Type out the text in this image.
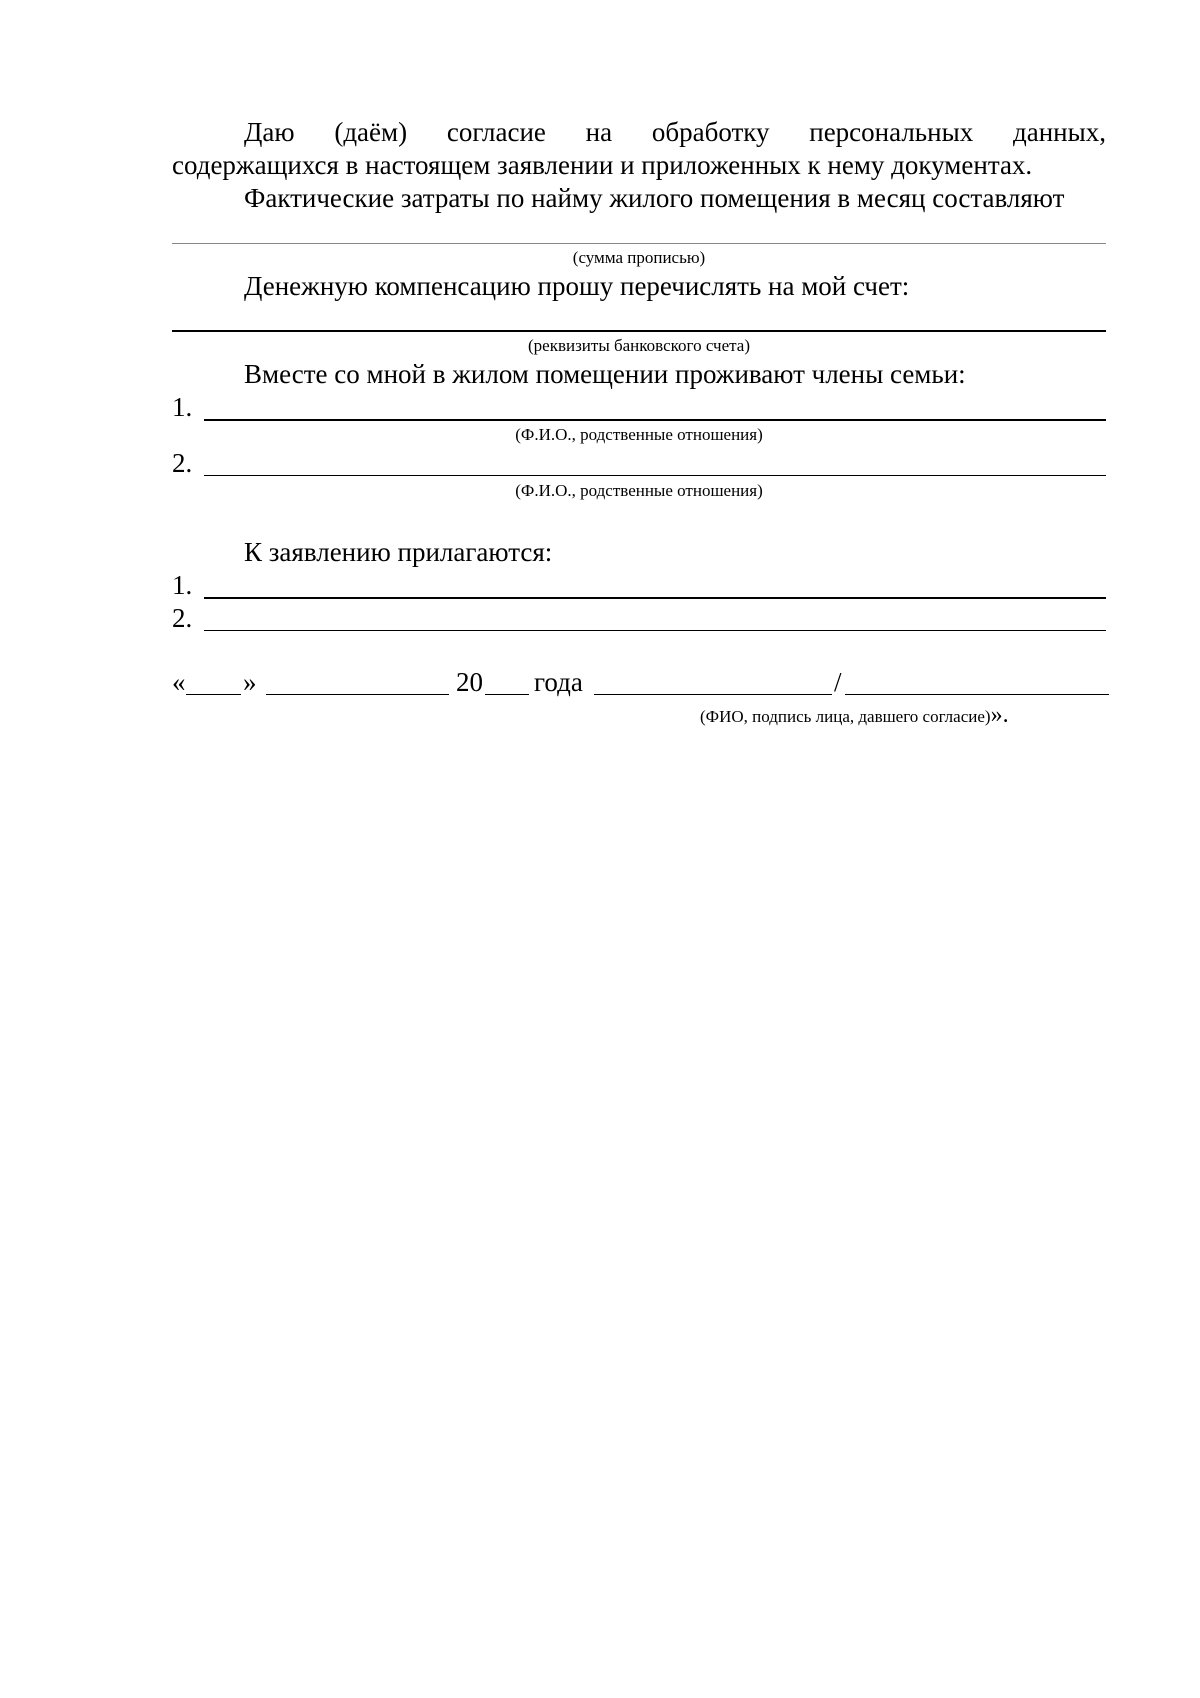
Даю (даём) согласие на обработку персональных данных,
содержащихся в настоящем заявлении и приложенных к нему документах.
Фактические затраты по найму жилого помещения в месяц составляют
(сумма прописью)
Денежную компенсацию прошу перечислять на мой счет:
(реквизиты банковского счета)
Вместе со мной в жилом помещении проживают члены семьи:
1.
(Ф.И.О., родственные отношения)
2.
(Ф.И.О., родственные отношения)
К заявлению прилагаются:
1.
2.
« »	20 года	/
(ФИО, подпись лица, давшего согласие)».
